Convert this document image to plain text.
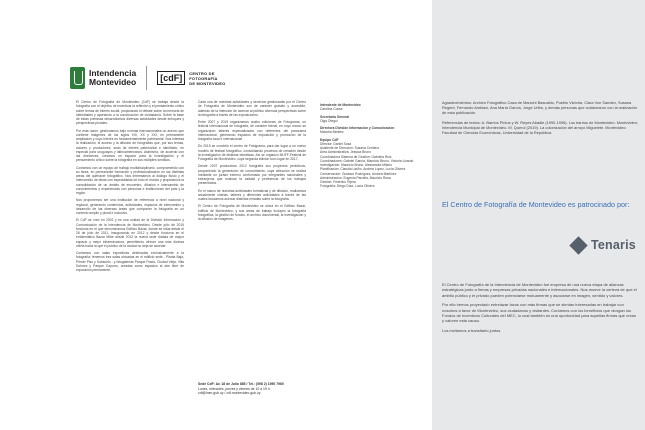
Intendencia
Montevideo	[cdF]	CENTRO DE
FOTOGRAFÍA
DE MONTEVIDEO

El Centro de Fotografía de Montevideo (CdF) se trabaja desde la fotografía con el objetivo de incentivar la reflexión y el pensamiento crítico sobre temas de interés social, propiciando el debate sobre la memoria de identidades y aportando a la construcción de ciudadanía. Sobre la base de estas premisas desarrollamos diversas actividades desde enfoques y perspectivas plurales.

Por esta razón, gestionamos bajo normas internacionales un acervo que contiene imágenes de los siglos XIX, XX y XXI, en permanente ampliación y cuyo interés es fundamentalmente patrimonial. Nos interesa la realización, el acceso y la difusión de fotografías que, por sus temas, autores y productores, sean de interés patrimonial e identitario, en especial para uruguayos y latinoamericanos. Asimismo, de acuerdo con las directrices, creamos un espacio para la investigación y el pensamiento crítico sobre la fotografía en sus múltiples sentidos.

Contamos con un equipo de trabajo multidisciplinario, comprometido con su tarea, en permanente formación y profesionalización en las distintas áreas del quehacer fotográfico. Nos interesamos al diálogo fluido y el intercambio de ideas con especialistas de todo el mundo y propiciamos la consolidación de un ámbito de encuentro, difusión e intercambio de conocimientos y experiencias con personas e instituciones del país y la región.

Nos proponemos ser una institución de referencia a nivel nacional y regional, generando contenidos, actividades, espacios de intercambio y desarrollo de las diversas áreas que componen la fotografía en un contexto amplio y plural e inclusivo.

El CdF se creó en 2002 y es una unidad de la División Información y Comunicación de la Intendencia de Montevideo. Desde julio de 2015 funciona en el que denominamos Edificio Bazar, donde se sitúa desde el 28 de julio de 2011, inaugurando en 2012 y desde funciona en el emblemático Bazar Mitre desde 2012 la nueva sede dotada de mayor espacio y mejor infraestructura, permitiendo ofrecer una más diversa oferta hacia la que el publico de la ciudad no deja de acceder.

Contamos con salas expositivas destinadas exclusivamente a la fotografía; tenemos tres salas ubicadas en el edificio sede - Planta Baja, Primer Piso y Subsuelo - y fotogalerías Parque Prado, Ciudad Vieja, Villa Dolores y Parque Capurro, creadas como espacios al aire libre de exposición permanente.

Cada una de nuestras actividades y servicios gestionadas por el Centro de Fotografía de Montevideo son de carácter gratuito y accesible, además de la intención de acercar al público diversas perspectivas sobre la fotografía a través de las exposiciones.

Entre 2007 y 2015 organizamos cuatro ediciones de Fotograma, un festival internacional de fotografía, de carácter bienal, en cuyo marco se organizaron talleres especializados con referentes del panorama internacional, generando espacios de exposición y promoción de la fotografía local e internacional.

En 2015 se convirtió el centro de Fotograma, para dar lugar a un nuevo modelo de festival fotográfico, consolidando procesos de creación desde la investigación de distintas temáticas. Así se organizó MUFF-Festival de Fotografía de Montevideo, cuya segunda edición tuvo lugar en 2017.

Desde 2007 producimos 2012 fotografía sus proyectos periódicos, proponiendo la generación de conocimiento, cuya selección se realiza mediante un jurado externo conformado por integrantes nacionales y extranjeros que evalúan la calidad y pertinencia de los trabajos presentados.

En el marco de nuestras actividades formativas y de difusión, realizamos anualmente charlas, talleres y diferentes actividades a través de las cuales buscamos acercar distintas miradas sobre la fotografía.

El Centro de Fotografía de Montevideo se ubica en el Edificio Bazar, edificio de Montevideo, y sus áreas de trabajo incluyen la fotografía fotográfica, la gestión de fondos, el archivo documental, la investigación y la difusión de imágenes.

Intendente de Montevideo
Carolina Cosse
Secretaria General
Olga Otegui
Directora División Información y Comunicación
Marcela Benitez
Equipo CdF
Director: Daniel Sosa
Asistente de Dirección: Susana Centeno
Área Administrativa: Jessica Bruno
Coordinadora Sistema de Gestión: Gabriela Ruiz
Coordinadores: Gabriel García, Mauricio Bruno, Victoria Lizardo
Investigación: Mauricio Bruno, Alessandra Milano
Planificación: Claudia Lariño, Andrea López, Lucía Olivera
Conservación: Gustavo Rodríguez, Andrea Martínez
Administración: Eugenia Parrella, Mauricio Rosa
Gestión: Federico Tejera
Fotografía: Diego Díaz, Lucía Olivera
Sede CdF: Av. 18 de Julio 885 / Tel.: (598 2) 1950 7960
Lunes, miércoles, jueves y viernes de 10 a 19 h.
cdf@imm.gub.uy / cdf.montevideo.gub.uy

Agradecimientos: Archivo Fotográfico Casa de Mancini Basualdo, Pueblo Victoria, Clara Von Sanden, Susana Regent, Fernando Ambiaci, Ana María García, Jorge Uribe, y demás personas que colaboraron con la realización de esta publicación.

Referencias de textos: A. Barrios Pintos y W. Reyes Abadie (1990-1996). Los barrios de Montevideo. Montevideo: Intendencia Municipal de Montevideo. M. Querol (2019). La colonización del arroyo Miguelete. Montevideo: Facultad de Ciencias Económicas, Universidad de la República.

El Centro de Fotografía de Montevideo es patrocinado por:
Tenaris

El Centro de Fotografía de la Intendencia de Montevideo fue empresa de una nueva etapa de alianzas estratégicas junto a firmas y empresas privadas nacionales e internacionales. Nos mueve la certeza de que el ámbito público y el privado pueden potenciarse mutuamente y asociarse en imagen, sentido y valores.

Por ello hemos proyectado entrelazar lazos con más firmas que se sientan interesadas en trabajar con nosotros a favor de Montevideo, sus ciudadanos y visitantes. Contamos con los beneficios que otorgan los Fondos de Incentivos Culturales del MEC, lo cual también es una oportunidad para aquellas firmas que crean y valoren esta causa.

Los invitamos a transitarlo juntos.
